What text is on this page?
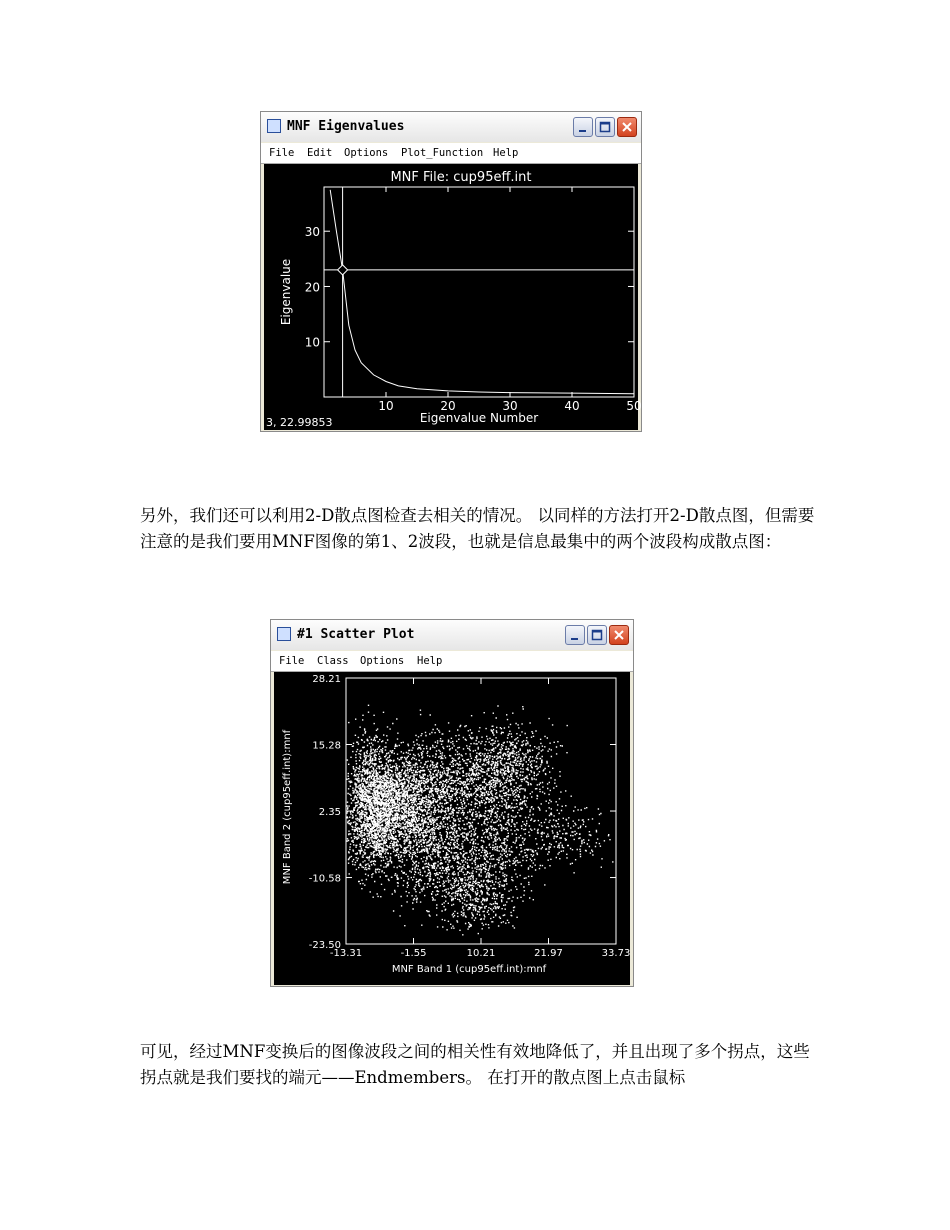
MNF Eigenvalues
File Edit Options Plot_Function Help
MNF File: cup95eff.int
Eigenvalue
Eigenvalue Number
3, 22.99853
10	20	30	40	50
10
20
30

另外，我们还可以利用2-D散点图检查去相关的情况。 以同样的方法打开2-D散点图，但需要注意的是我们要用MNF图像的第1、2波段，也就是信息最集中的两个波段构成散点图：

#1 Scatter Plot
File Class Options Help
MNF Band 2 (cup95eff.int):mnf
MNF Band 1 (cup95eff.int):mnf
-13.31	-1.55	10.21	21.97	33.73
28.21
15.28
2.35
-10.58
-23.50

可见，经过MNF变换后的图像波段之间的相关性有效地降低了，并且出现了多个拐点，这些拐点就是我们要找的端元——Endmembers。 在打开的散点图上点击鼠标
